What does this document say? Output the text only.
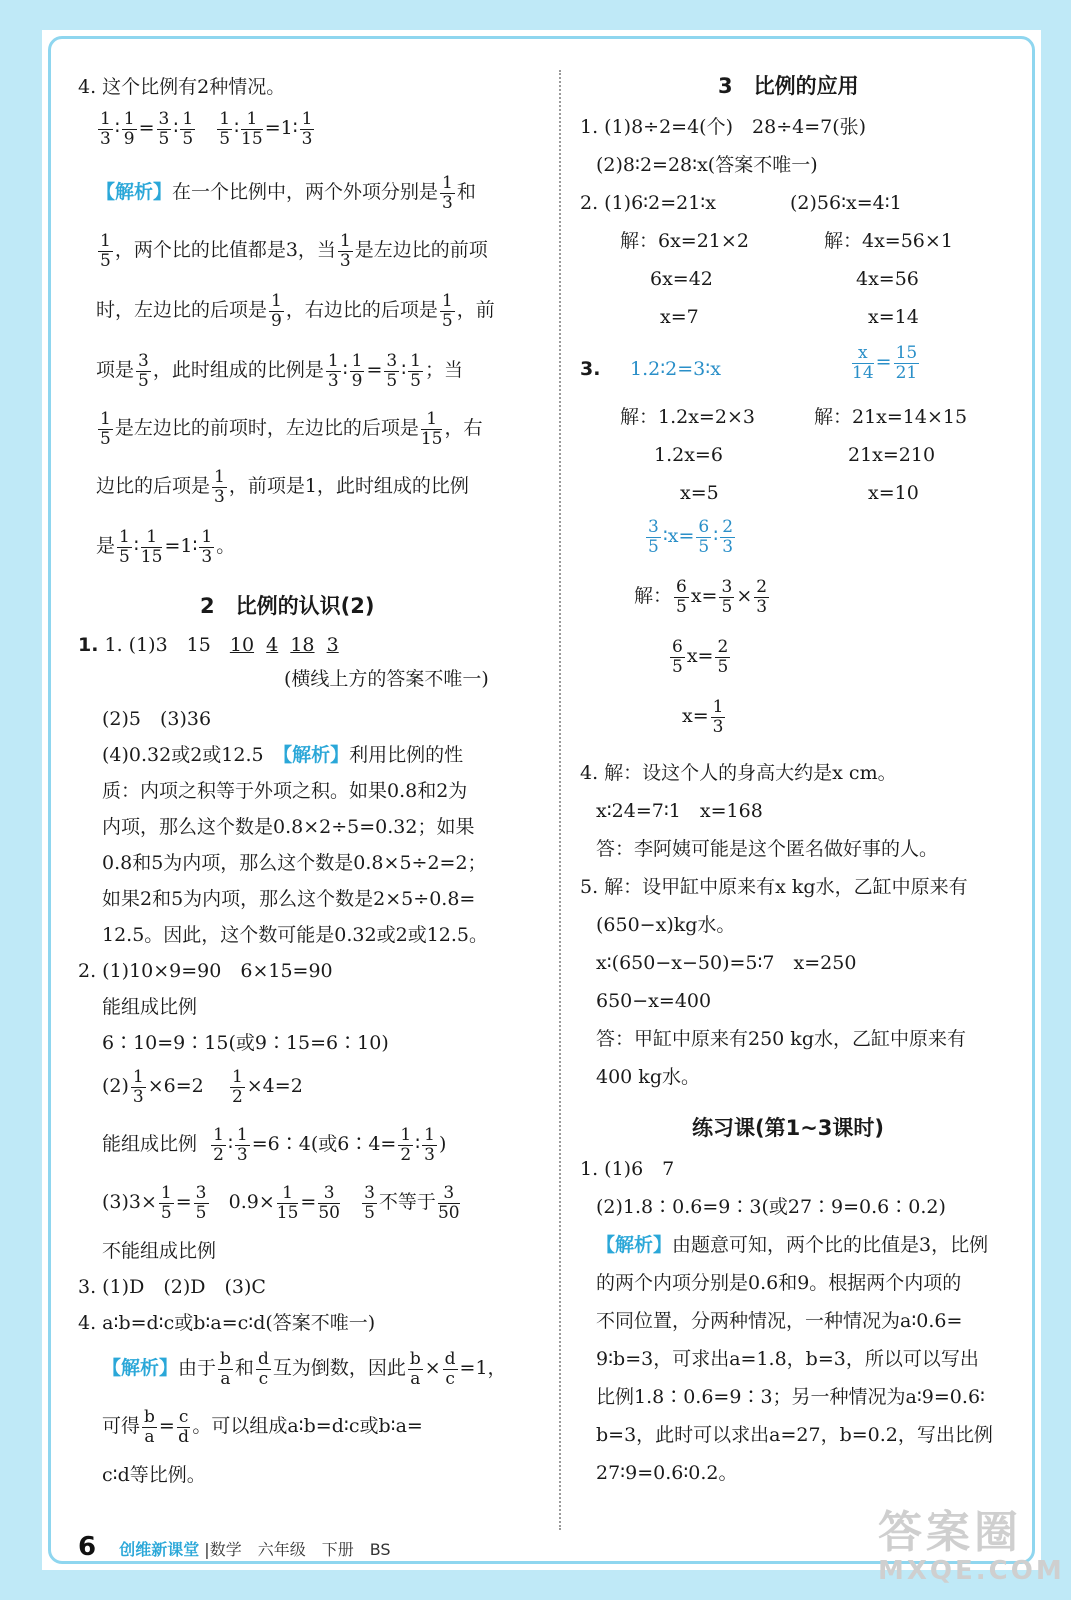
4. 这个比例有2种情况。
$\frac{1}{3}$ ∶ $\frac{1}{9} = \frac{3}{5}$ ∶ $\frac{1}{5}$
$\frac{1}{5}$ ∶ $\frac{1}{15}$ =1∶ $\frac{1}{3}$
【解析】在一个比例中，两个外项分别是 $\frac{1}{3}$ 和
$\frac{1}{5}$ ，两个比的比值都是3，当 $\frac{1}{3}$ 是左边比的前项
时，左边比的后项是 $\frac{1}{9}$ ，右边比的后项是 $\frac{1}{5}$ ，前
项是 $\frac{3}{5}$ ，此时组成的比例是 $\frac{1}{3}$ ∶ $\frac{1}{9} = \frac{3}{5}$ ∶ $\frac{1}{5}$ ；当
$\frac{1}{5}$ 是左边比的前项时，左边比的后项是 $\frac{1}{15}$ ，右
边比的后项是 $\frac{1}{3}$ ，前项是1，此时组成的比例
是 $\frac{1}{5}$ ∶ $\frac{1}{15}$ =1∶ $\frac{1}{3}$ 。
2　比例的认识(2)
1. 1. (1)3　15　10 4 18 3
(横线上方的答案不唯一)
(2)5　(3)36
(4)0.32或2或12.5　【解析】利用比例的性
质：内项之积等于外项之积。如果0.8和2为
内项，那么这个数是0.8×2÷5=0.32；如果
0.8和5为内项，那么这个数是0.8×5÷2=2；
如果2和5为内项，那么这个数是2×5÷0.8=
12.5。因此，这个数可能是0.32或2或12.5。
2. (1)10×9=90　6×15=90
能组成比例
6∶10=9∶15(或9∶15=6∶10)
$(2) \frac{1}{3} \times 6=2 \frac{1}{2} \times 4=2$
能组成比例 $\frac{1}{2}$ ∶ $\frac{1}{3}$ =6∶4(或6∶4= $\frac{1}{2}$ ∶ $\frac{1}{3}$ )
$(3)3\times \frac{1}{5} = \frac{3}{5} 0.9\times \frac{1}{15} = \frac{3}{50}$
$\frac{3}{5}$ 不等于 $\frac{3}{50}$
不能组成比例
3. (1)D　(2)D　(3)C
4. a∶b=d∶c或b∶a=c∶d(答案不唯一)
【解析】由于 $\frac{b}{a}$ 和 $\frac{d}{c}$ 互为倒数，因此 $\frac{b}{a} \times \frac{d}{c} =1$，
可得 $\frac{b}{a} = \frac{c}{d}$ 。可以组成a∶b=d∶c或b∶a=
c∶d等比例。
3　比例的应用
1. (1)8÷2=4(个)　28÷4=7(张)
(2)8∶2=28∶x(答案不唯一)
2. (1)6∶2=21∶x	(2)56∶x=4∶1
解：6x=21×2
6x=42
x=7
解：4x=56×1
4x=56
x=14
3. 1.2∶2=3∶x	$\frac{x}{14} = \frac{15}{21}$
解：1.2x=2×3
1.2x=6
x=5
解：21x=14×15
21x=210
x=10
$\frac{3}{5}$ ∶x= $\frac{6}{5}$ ∶ $\frac{2}{3}$
解： $\frac{6}{5} x= \frac{3}{5} \times \frac{2}{3}$
$\frac{6}{5} x= \frac{2}{5}$
$x= \frac{1}{3}$
4. 解：设这个人的身高大约是x cm。
x∶24=7∶1　x=168
答：李阿姨可能是这个匿名做好事的人。
5. 解：设甲缸中原来有x kg水，乙缸中原来有
(650−x)kg水。
x∶(650−x−50)=5∶7　x=250
650−x=400
答：甲缸中原来有250 kg水，乙缸中原来有
400 kg水。
练习课(第1~3课时)
1. (1)6　7
(2)1.8∶0.6=9∶3(或27∶9=0.6∶0.2)
【解析】由题意可知，两个比的比值是3，比例
的两个内项分别是0.6和9。根据两个内项的
不同位置，分两种情况，一种情况为a∶0.6=
9∶b=3，可求出a=1.8，b=3，所以可以写出
比例1.8∶0.6=9∶3；另一种情况为a∶9=0.6∶
b=3，此时可以求出a=27，b=0.2，写出比例
27∶9=0.6∶0.2。
6 创维新课堂 |数学　六年级　下册　BS	答案圈
MXQE.COM
